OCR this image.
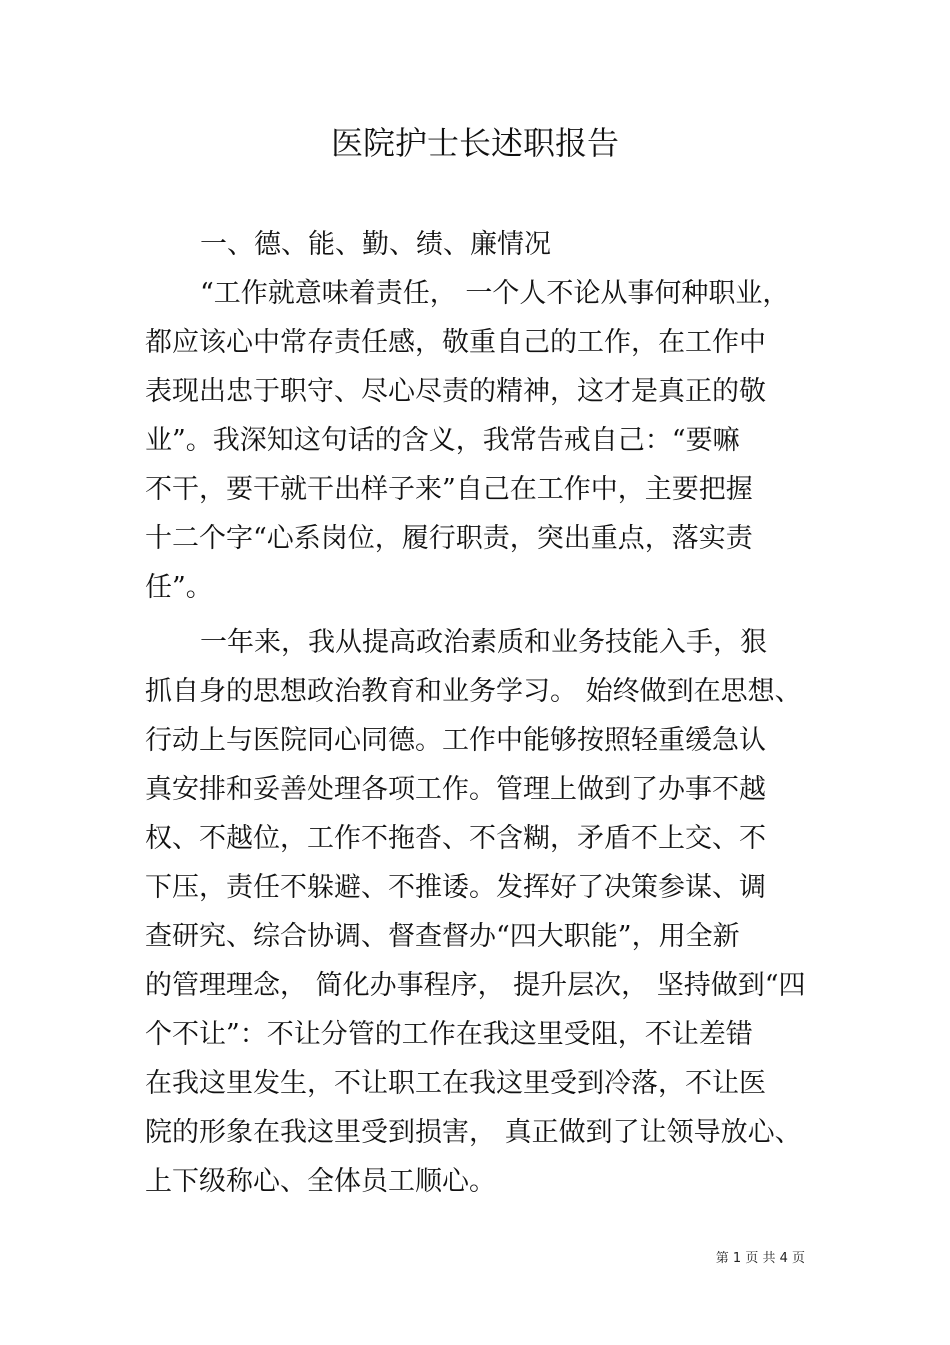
医院护士长述职报告

一、德、能、勤、绩、廉情况

“工作就意味着责任， 一个人不论从事何种职业，

都应该心中常存责任感，敬重自己的工作，在工作中

表现出忠于职守、尽心尽责的精神，这才是真正的敬

业”。我深知这句话的含义，我常告戒自己：“要嘛

不干，要干就干出样子来”自己在工作中，主要把握

十二个字“心系岗位，履行职责，突出重点，落实责

任”。

一年来，我从提高政治素质和业务技能入手，狠

抓自身的思想政治教育和业务学习。 始终做到在思想、

行动上与医院同心同德。工作中能够按照轻重缓急认

真安排和妥善处理各项工作。管理上做到了办事不越

权、不越位，工作不拖沓、不含糊，矛盾不上交、不

下压，责任不躲避、不推诿。发挥好了决策参谋、调

查研究、综合协调、督查督办“四大职能”，用全新

的管理理念， 简化办事程序， 提升层次， 坚持做到“四

个不让”：不让分管的工作在我这里受阻，不让差错

在我这里发生，不让职工在我这里受到冷落，不让医

院的形象在我这里受到损害， 真正做到了让领导放心、

上下级称心、全体员工顺心。

第 1 页 共 4 页
